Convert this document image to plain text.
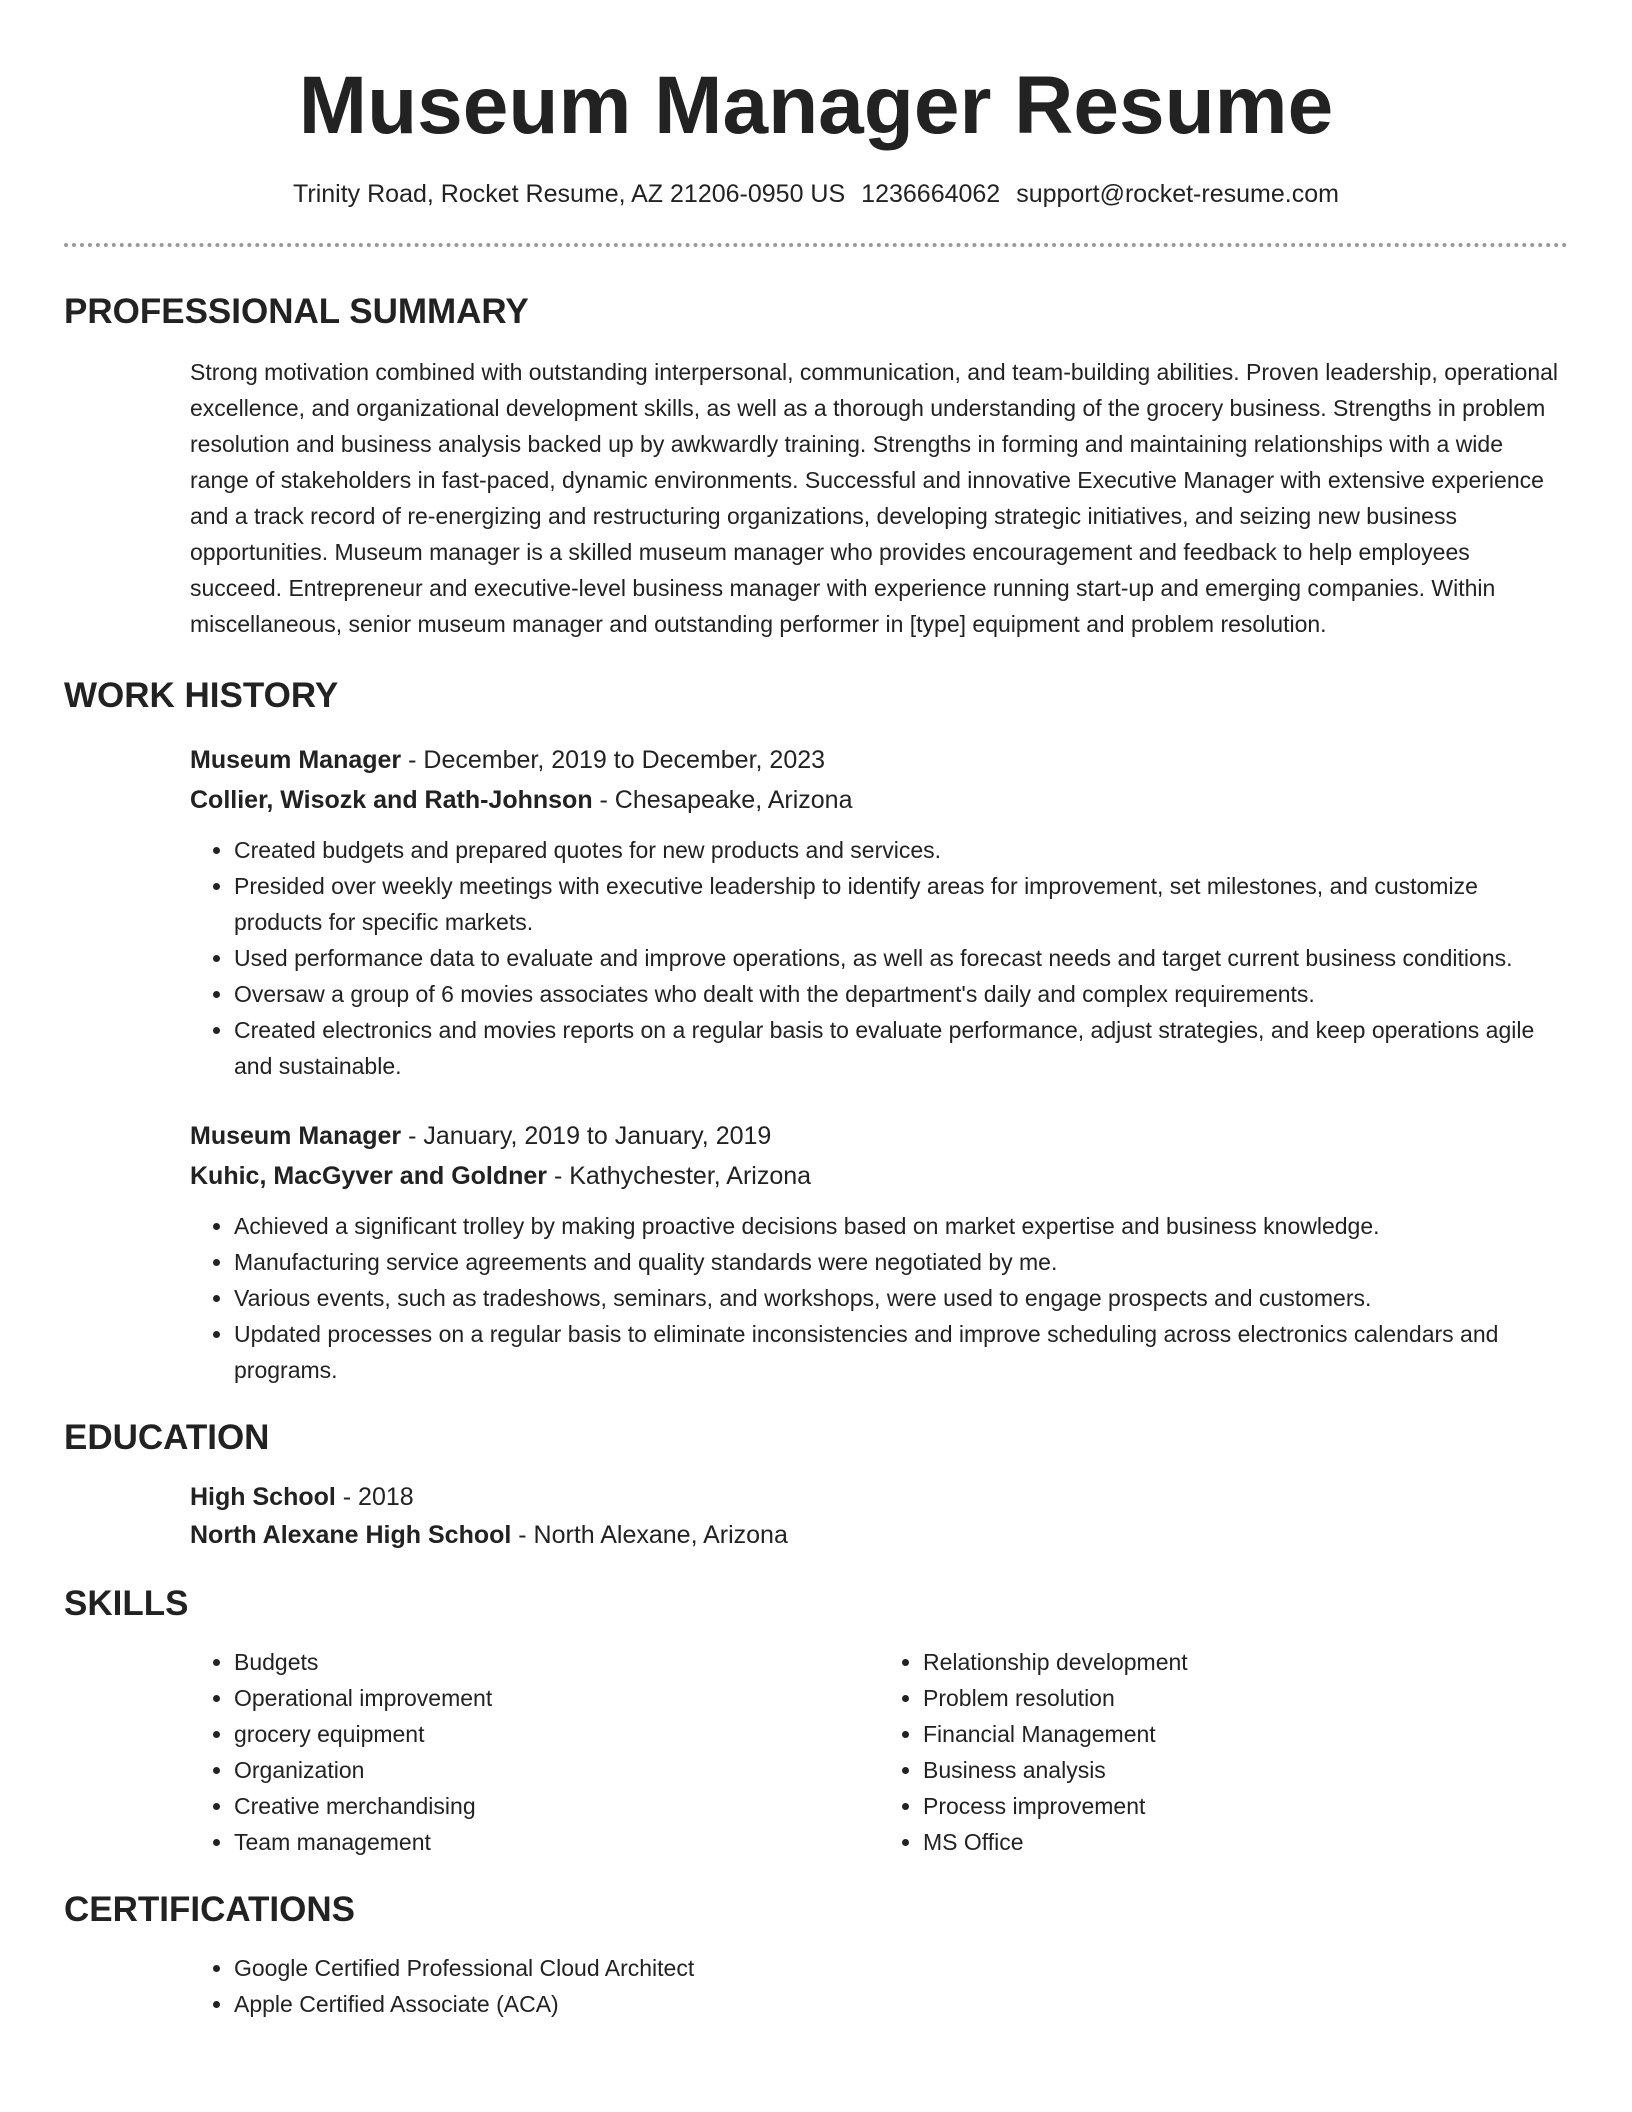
Museum Manager Resume
Trinity Road, Rocket Resume, AZ 21206-0950 US 1236664062 support@rocket-resume.com
PROFESSIONAL SUMMARY
Strong motivation combined with outstanding interpersonal, communication, and team-building abilities. Proven leadership, operational excellence, and organizational development skills, as well as a thorough understanding of the grocery business. Strengths in problem resolution and business analysis backed up by awkwardly training. Strengths in forming and maintaining relationships with a wide range of stakeholders in fast-paced, dynamic environments. Successful and innovative Executive Manager with extensive experience and a track record of re-energizing and restructuring organizations, developing strategic initiatives, and seizing new business opportunities. Museum manager is a skilled museum manager who provides encouragement and feedback to help employees succeed. Entrepreneur and executive-level business manager with experience running start-up and emerging companies. Within miscellaneous, senior museum manager and outstanding performer in [type] equipment and problem resolution.
WORK HISTORY
Museum Manager - December, 2019 to December, 2023
Collier, Wisozk and Rath-Johnson - Chesapeake, Arizona
• Created budgets and prepared quotes for new products and services.
• Presided over weekly meetings with executive leadership to identify areas for improvement, set milestones, and customize products for specific markets.
• Used performance data to evaluate and improve operations, as well as forecast needs and target current business conditions.
• Oversaw a group of 6 movies associates who dealt with the department's daily and complex requirements.
• Created electronics and movies reports on a regular basis to evaluate performance, adjust strategies, and keep operations agile and sustainable.
Museum Manager - January, 2019 to January, 2019
Kuhic, MacGyver and Goldner - Kathychester, Arizona
• Achieved a significant trolley by making proactive decisions based on market expertise and business knowledge.
• Manufacturing service agreements and quality standards were negotiated by me.
• Various events, such as tradeshows, seminars, and workshops, were used to engage prospects and customers.
• Updated processes on a regular basis to eliminate inconsistencies and improve scheduling across electronics calendars and programs.
EDUCATION
High School - 2018
North Alexane High School - North Alexane, Arizona
SKILLS
• Budgets
• Operational improvement
• grocery equipment
• Organization
• Creative merchandising
• Team management
• Relationship development
• Problem resolution
• Financial Management
• Business analysis
• Process improvement
• MS Office
CERTIFICATIONS
• Google Certified Professional Cloud Architect
• Apple Certified Associate (ACA)
